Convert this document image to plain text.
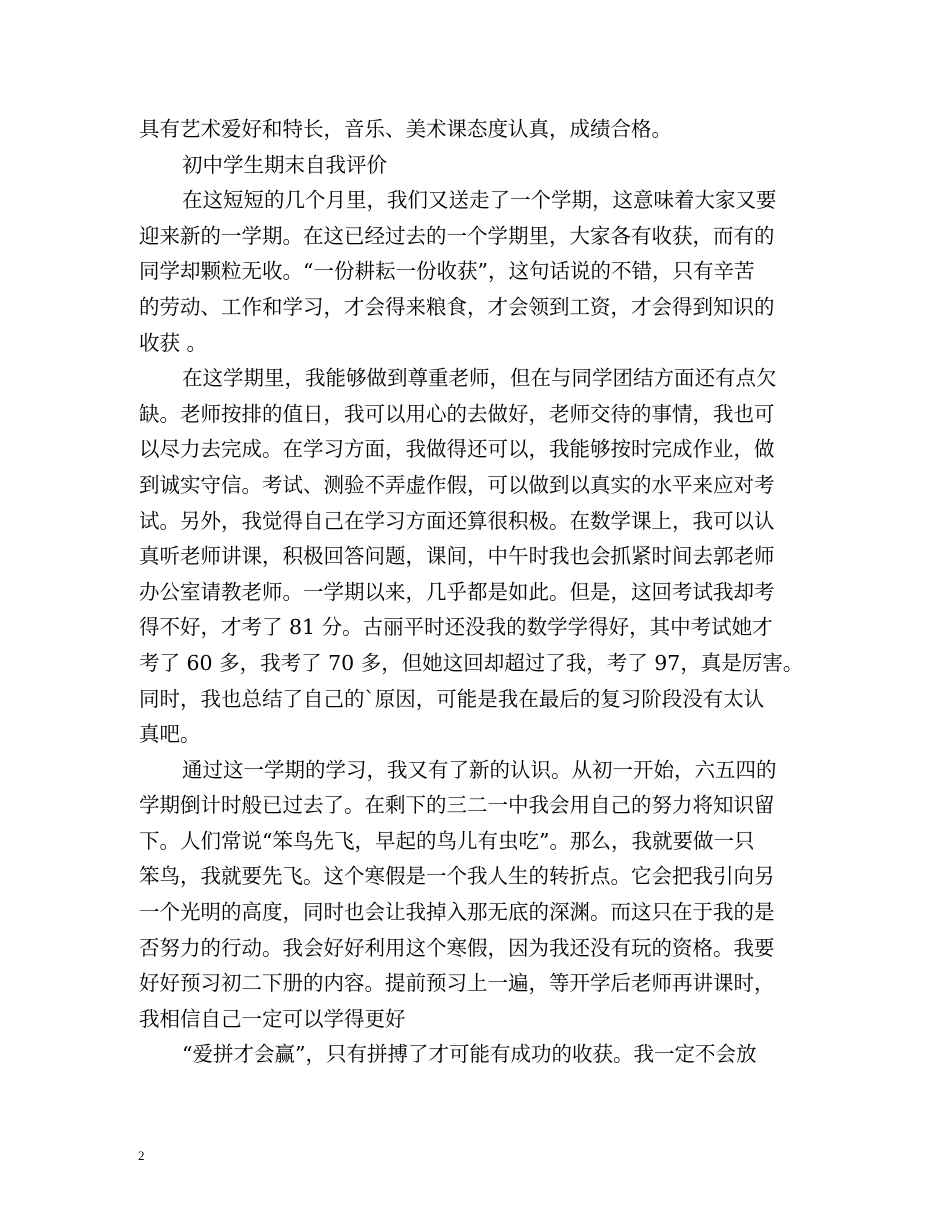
具有艺术爱好和特长，音乐、美术课态度认真，成绩合格。
初中学生期末自我评价
在这短短的几个月里，我们又送走了一个学期，这意味着大家又要
迎来新的一学期。在这已经过去的一个学期里，大家各有收获，而有的
同学却颗粒无收。“一份耕耘一份收获”，这句话说的不错，只有辛苦
的劳动、工作和学习，才会得来粮食，才会领到工资，才会得到知识的
收获 。
在这学期里，我能够做到尊重老师，但在与同学团结方面还有点欠
缺。老师按排的值日，我可以用心的去做好，老师交待的事情，我也可
以尽力去完成。在学习方面，我做得还可以，我能够按时完成作业，做
到诚实守信。考试、测验不弄虚作假，可以做到以真实的水平来应对考
试。另外，我觉得自己在学习方面还算很积极。在数学课上，我可以认
真听老师讲课，积极回答问题，课间，中午时我也会抓紧时间去郭老师
办公室请教老师。一学期以来，几乎都是如此。但是，这回考试我却考
得不好，才考了 81 分。古丽平时还没我的数学学得好，其中考试她才
考了 60 多，我考了 70 多，但她这回却超过了我，考了 97，真是厉害。
同时，我也总结了自己的`原因，可能是我在最后的复习阶段没有太认
真吧。
通过这一学期的学习，我又有了新的认识。从初一开始，六五四的
学期倒计时般已过去了。在剩下的三二一中我会用自己的努力将知识留
下。人们常说“笨鸟先飞，早起的鸟儿有虫吃”。那么，我就要做一只
笨鸟，我就要先飞。这个寒假是一个我人生的转折点。它会把我引向另
一个光明的高度，同时也会让我掉入那无底的深渊。而这只在于我的是
否努力的行动。我会好好利用这个寒假，因为我还没有玩的资格。我要
好好预习初二下册的内容。提前预习上一遍，等开学后老师再讲课时，
我相信自己一定可以学得更好
“爱拼才会赢”，只有拼搏了才可能有成功的收获。我一定不会放
2
